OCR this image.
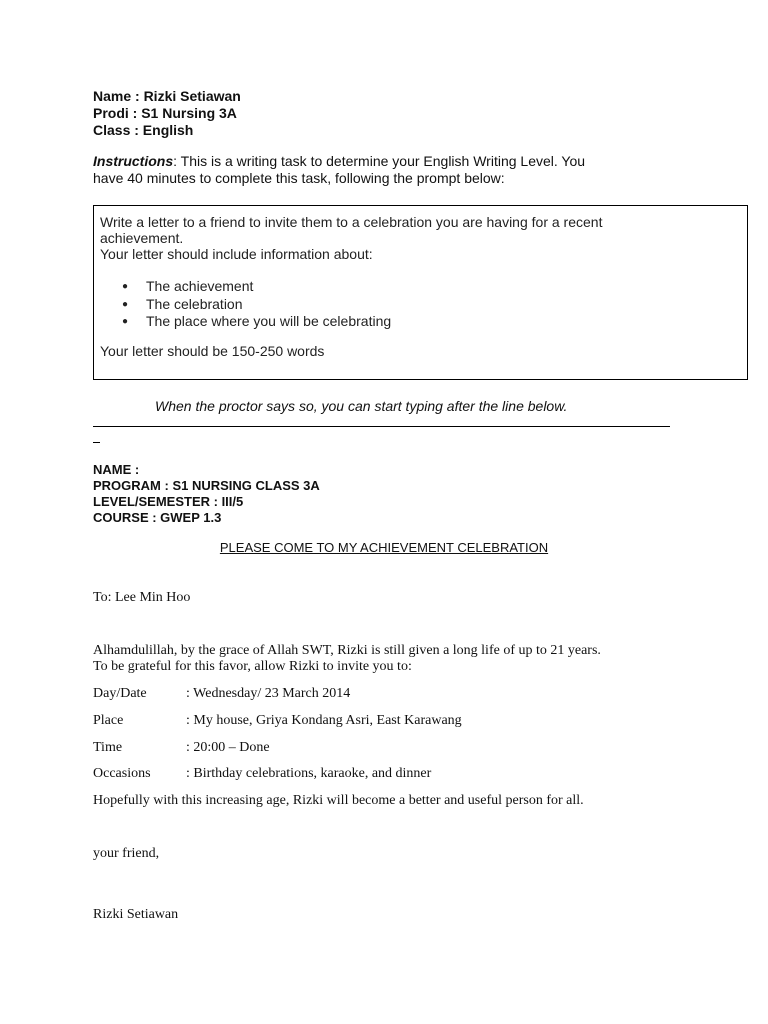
Name : Rizki Setiawan
Prodi : S1 Nursing 3A
Class : English
Instructions: This is a writing task to determine your English Writing Level. You
have 40 minutes to complete this task, following the prompt below:
Write a letter to a friend to invite them to a celebration you are having for a recent
achievement.
Your letter should include information about:
● The achievement
● The celebration
● The place where you will be celebrating
Your letter should be 150-250 words
When the proctor says so, you can start typing after the line below.
NAME :
PROGRAM : S1 NURSING CLASS 3A
LEVEL/SEMESTER : III/5
COURSE : GWEP 1.3
PLEASE COME TO MY ACHIEVEMENT CELEBRATION
To: Lee Min Hoo
Alhamdulillah, by the grace of Allah SWT, Rizki is still given a long life of up to 21 years.
To be grateful for this favor, allow Rizki to invite you to:
Day/Date	: Wednesday/ 23 March 2014
Place	: My house, Griya Kondang Asri, East Karawang
Time	: 20:00 – Done
Occasions	: Birthday celebrations, karaoke, and dinner
Hopefully with this increasing age, Rizki will become a better and useful person for all.
your friend,
Rizki Setiawan
